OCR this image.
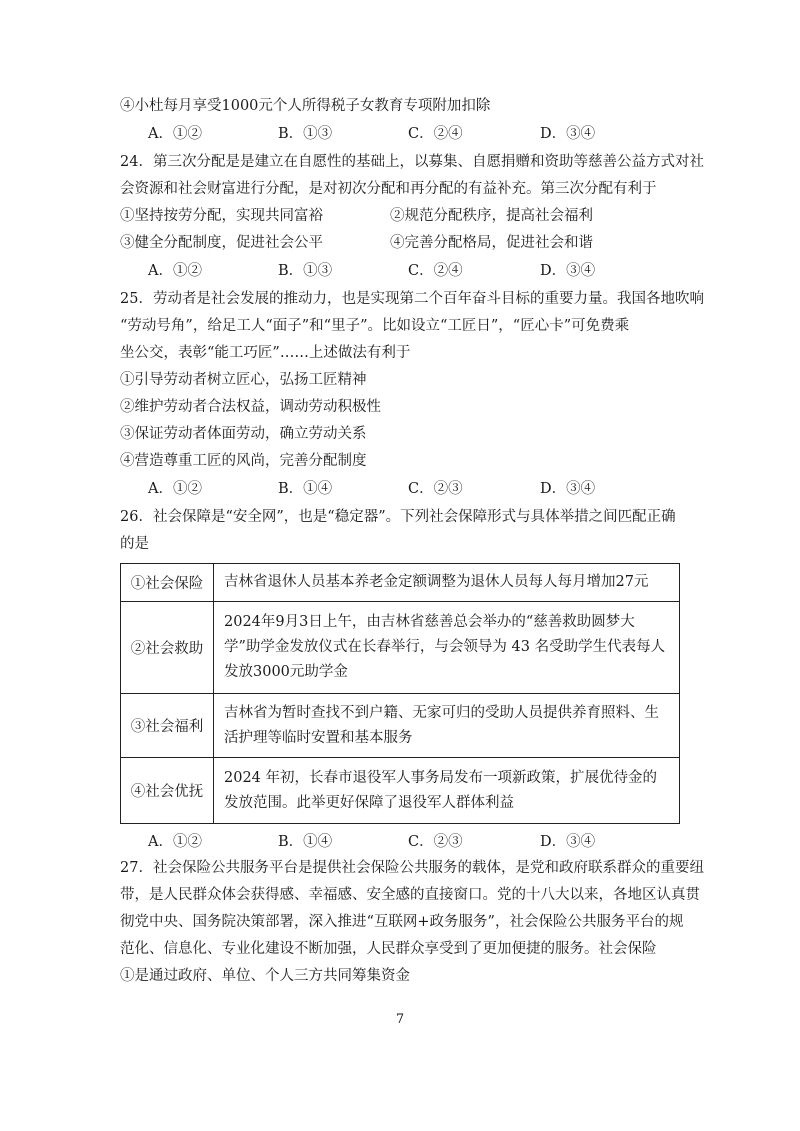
④小杜每月享受1000元个人所得税子女教育专项附加扣除
A．①②	B．①③	C．②④	D．③④
24．第三次分配是是建立在自愿性的基础上，以募集、自愿捐赠和资助等慈善公益方式对社
会资源和社会财富进行分配，是对初次分配和再分配的有益补充。第三次分配有利于
①坚持按劳分配，实现共同富裕	②规范分配秩序，提高社会福利
③健全分配制度，促进社会公平	④完善分配格局，促进社会和谐
A．①②	B．①③	C．②④	D．③④
25．劳动者是社会发展的推动力，也是实现第二个百年奋斗目标的重要力量。我国各地吹响
“劳动号角”，给足工人“面子”和“里子”。比如设立“工匠日”，“匠心卡”可免费乘
坐公交，表彰“能工巧匠”……上述做法有利于
①引导劳动者树立匠心，弘扬工匠精神
②维护劳动者合法权益，调动劳动积极性
③保证劳动者体面劳动，确立劳动关系
④营造尊重工匠的风尚，完善分配制度
A．①②	B．①④	C．②③	D．③④
26．社会保障是“安全网”，也是“稳定器”。下列社会保障形式与具体举措之间匹配正确
的是
①社会保险	吉林省退休人员基本养老金定额调整为退休人员每人每月增加27元
②社会救助	2024年9月3日上午，由吉林省慈善总会举办的“慈善救助圆梦大学”助学金发放仪式在长春举行，与会领导为 43 名受助学生代表每人发放3000元助学金
③社会福利	吉林省为暂时查找不到户籍、无家可归的受助人员提供养育照料、生活护理等临时安置和基本服务
④社会优抚	2024 年初，长春市退役军人事务局发布一项新政策，扩展优待金的发放范围。此举更好保障了退役军人群体利益
A．①②	B．①④	C．②③	D．③④
27．社会保险公共服务平台是提供社会保险公共服务的载体，是党和政府联系群众的重要纽
带，是人民群众体会获得感、幸福感、安全感的直接窗口。党的十八大以来，各地区认真贯
彻党中央、国务院决策部署，深入推进“互联网+政务服务”，社会保险公共服务平台的规
范化、信息化、专业化建设不断加强，人民群众享受到了更加便捷的服务。社会保险
①是通过政府、单位、个人三方共同筹集资金
7
